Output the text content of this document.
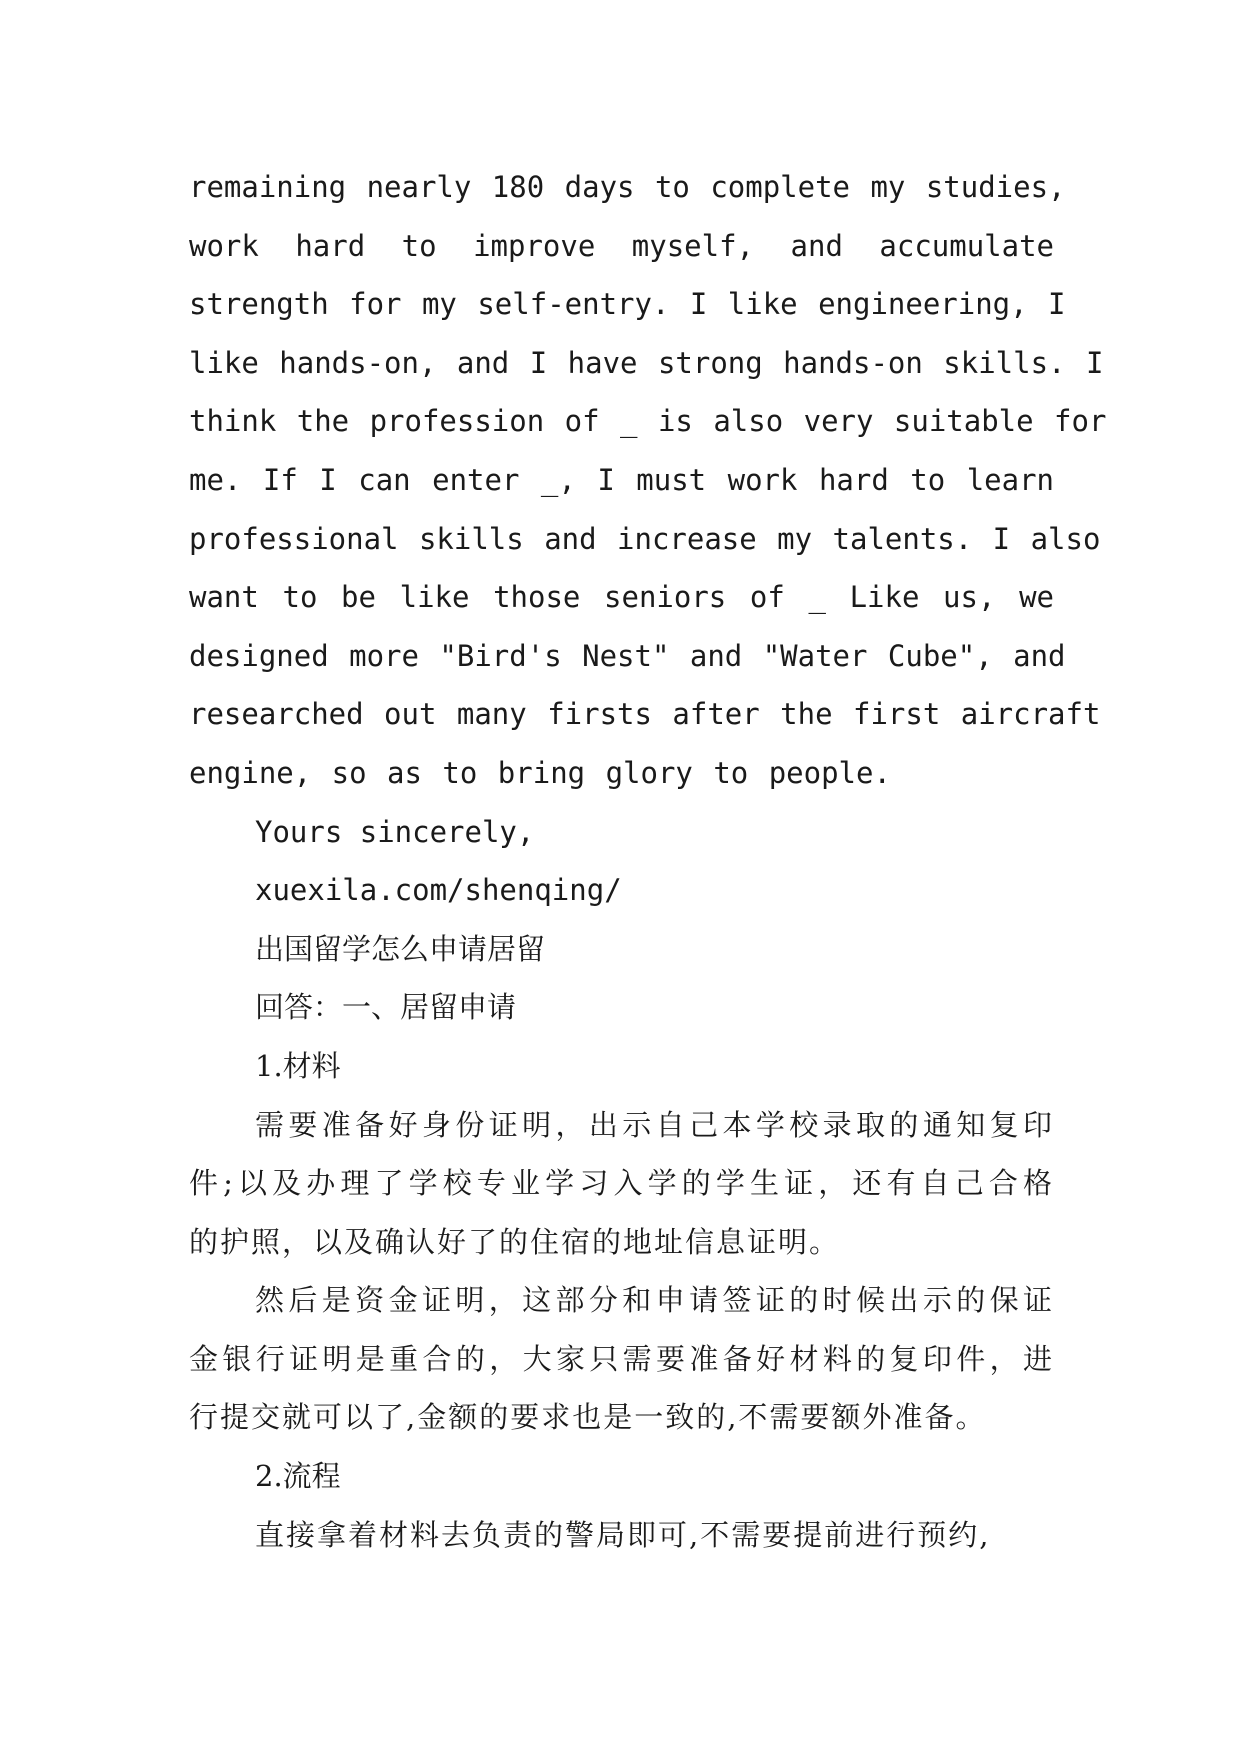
remaining nearly 180 days to complete my studies,
work hard to improve myself, and accumulate
strength for my self-entry. I like engineering, I
like hands-on, and I have strong hands-on skills. I
think the profession of _ is also very suitable for
me. If I can enter _, I must work hard to learn
professional skills and increase my talents. I also
want to be like those seniors of _ Like us, we
designed more "Bird's Nest" and "Water Cube", and
researched out many firsts after the first aircraft
engine, so as to bring glory to people.
Yours sincerely,
xuexila.com/shenqing/
出国留学怎么申请居留
回答：一、居留申请
1.材料
需要准备好身份证明，出示自己本学校录取的通知复印
件;以及办理了学校专业学习入学的学生证，还有自己合格
的护照，以及确认好了的住宿的地址信息证明。
然后是资金证明，这部分和申请签证的时候出示的保证
金银行证明是重合的，大家只需要准备好材料的复印件，进
行提交就可以了,金额的要求也是一致的,不需要额外准备。
2.流程
直接拿着材料去负责的警局即可,不需要提前进行预约,
